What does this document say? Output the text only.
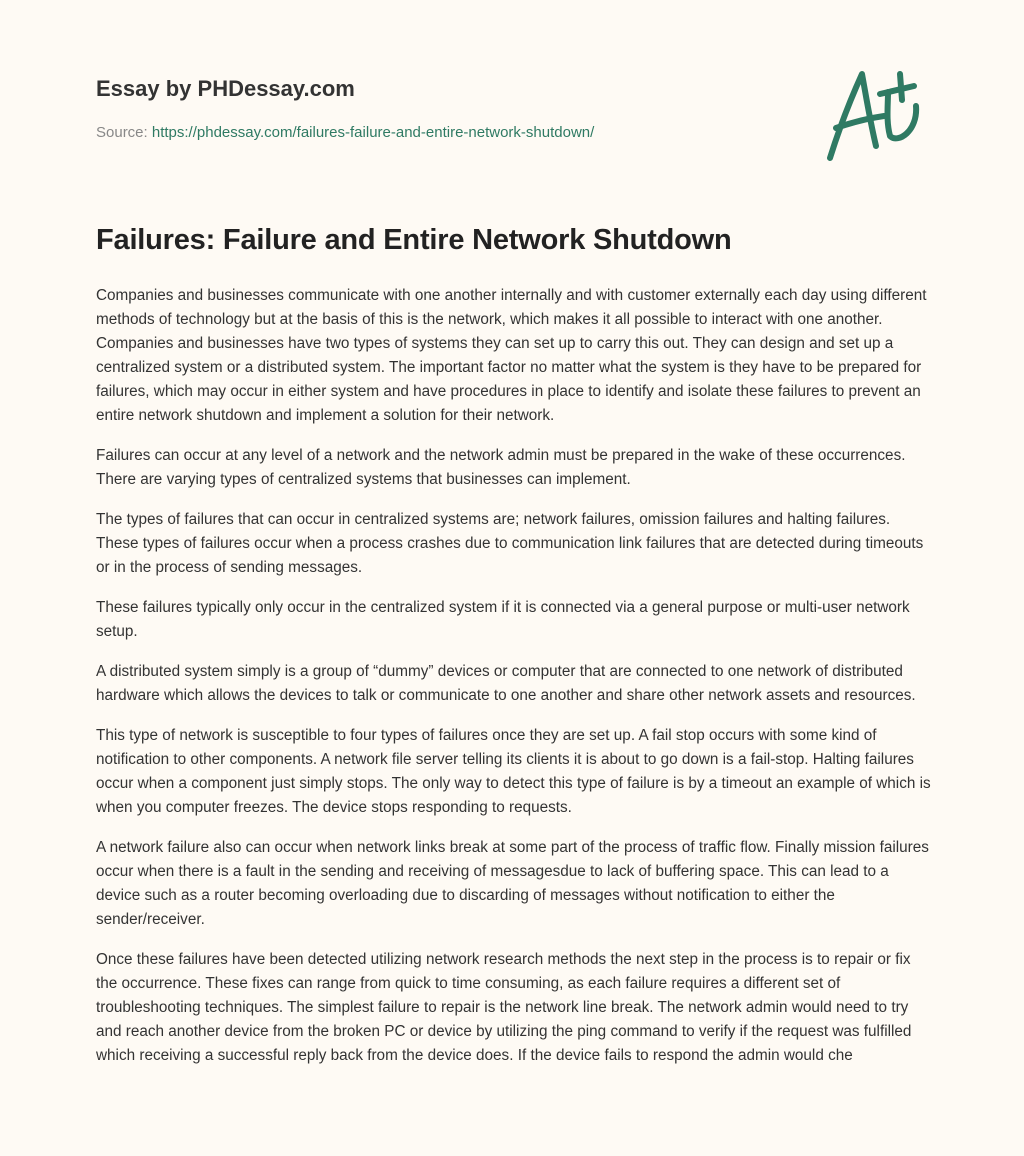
Essay by PHDessay.com
Source: https://phdessay.com/failures-failure-and-entire-network-shutdown/
Failures: Failure and Entire Network Shutdown

Companies and businesses communicate with one another internally and with customer externally each day using different methods of technology but at the basis of this is the network, which makes it all possible to interact with one another. Companies and businesses have two types of systems they can set up to carry this out. They can design and set up a centralized system or a distributed system. The important factor no matter what the system is they have to be prepared for failures, which may occur in either system and have procedures in place to identify and isolate these failures to prevent an entire network shutdown and implement a solution for their network.

Failures can occur at any level of a network and the network admin must be prepared in the wake of these occurrences. There are varying types of centralized systems that businesses can implement.

The types of failures that can occur in centralized systems are; network failures, omission failures and halting failures. These types of failures occur when a process crashes due to communication link failures that are detected during timeouts or in the process of sending messages.

These failures typically only occur in the centralized system if it is connected via a general purpose or multi-user network setup.

A distributed system simply is a group of “dummy” devices or computer that are connected to one network of distributed hardware which allows the devices to talk or communicate to one another and share other network assets and resources.

This type of network is susceptible to four types of failures once they are set up. A fail stop occurs with some kind of notification to other components. A network file server telling its clients it is about to go down is a fail-stop. Halting failures occur when a component just simply stops. The only way to detect this type of failure is by a timeout an example of which is when you computer freezes. The device stops responding to requests.

A network failure also can occur when network links break at some part of the process of traffic flow. Finally mission failures occur when there is a fault in the sending and receiving of messagesdue to lack of buffering space. This can lead to a device such as a router becoming overloading due to discarding of messages without notification to either the sender/receiver.

Once these failures have been detected utilizing network research methods the next step in the process is to repair or fix the occurrence. These fixes can range from quick to time consuming, as each failure requires a different set of troubleshooting techniques. The simplest failure to repair is the network line break. The network admin would need to try and reach another device from the broken PC or device by utilizing the ping command to verify if the request was fulfilled which receiving a successful reply back from the device does. If the device fails to respond the admin would che
